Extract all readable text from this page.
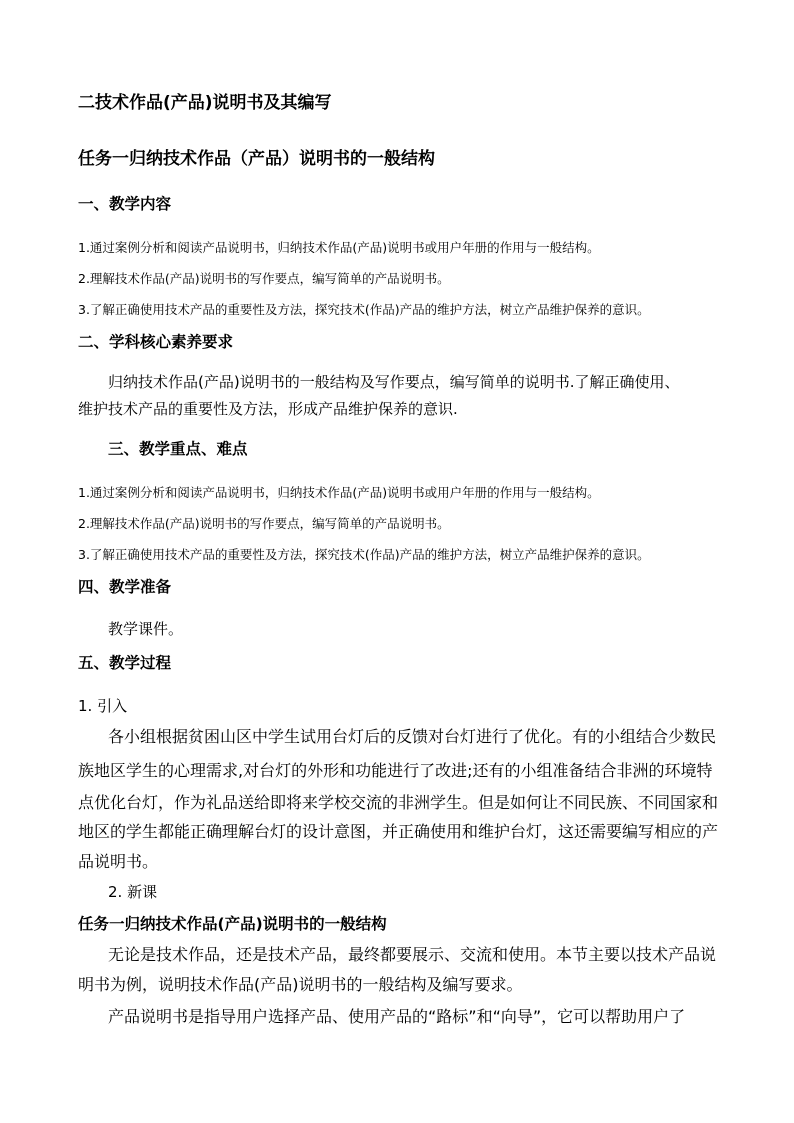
二技术作品(产品)说明书及其编写

任务一归纳技术作品（产品）说明书的一般结构

一、教学内容

1.通过案例分析和阅读产品说明书，归纳技术作品(产品)说明书或用户年册的作用与一般结构。

2.理解技术作品(产品)说明书的写作要点，编写简单的产品说明书。

3.了解正确使用技术产品的重要性及方法，探究技术(作品)产品的维护方法，树立产品维护保养的意识。

二、学科核心素养要求

归纳技术作品(产品)说明书的一般结构及写作要点，编写简单的说明书.了解正确使用、

维护技术产品的重要性及方法，形成产品维护保养的意识.

三、教学重点、难点

1.通过案例分析和阅读产品说明书，归纳技术作品(产品)说明书或用户年册的作用与一般结构。

2.理解技术作品(产品)说明书的写作要点，编写简单的产品说明书。

3.了解正确使用技术产品的重要性及方法，探究技术(作品)产品的维护方法，树立产品维护保养的意识。

四、教学准备

教学课件。

五、教学过程

1. 引入

各小组根据贫困山区中学生试用台灯后的反馈对台灯进行了优化。有的小组结合少数民

族地区学生的心理需求,对台灯的外形和功能进行了改进;还有的小组准备结合非洲的环境特

点优化台灯，作为礼品送给即将来学校交流的非洲学生。但是如何让不同民族、不同国家和

地区的学生都能正确理解台灯的设计意图，并正确使用和维护台灯，这还需要编写相应的产

品说明书。

2. 新课

任务一归纳技术作品(产品)说明书的一般结构

无论是技术作品，还是技术产品，最终都要展示、交流和使用。本节主要以技术产品说

明书为例，说明技术作品(产品)说明书的一般结构及编写要求。

产品说明书是指导用户选择产品、使用产品的“路标”和“向导”，它可以帮助用户了
